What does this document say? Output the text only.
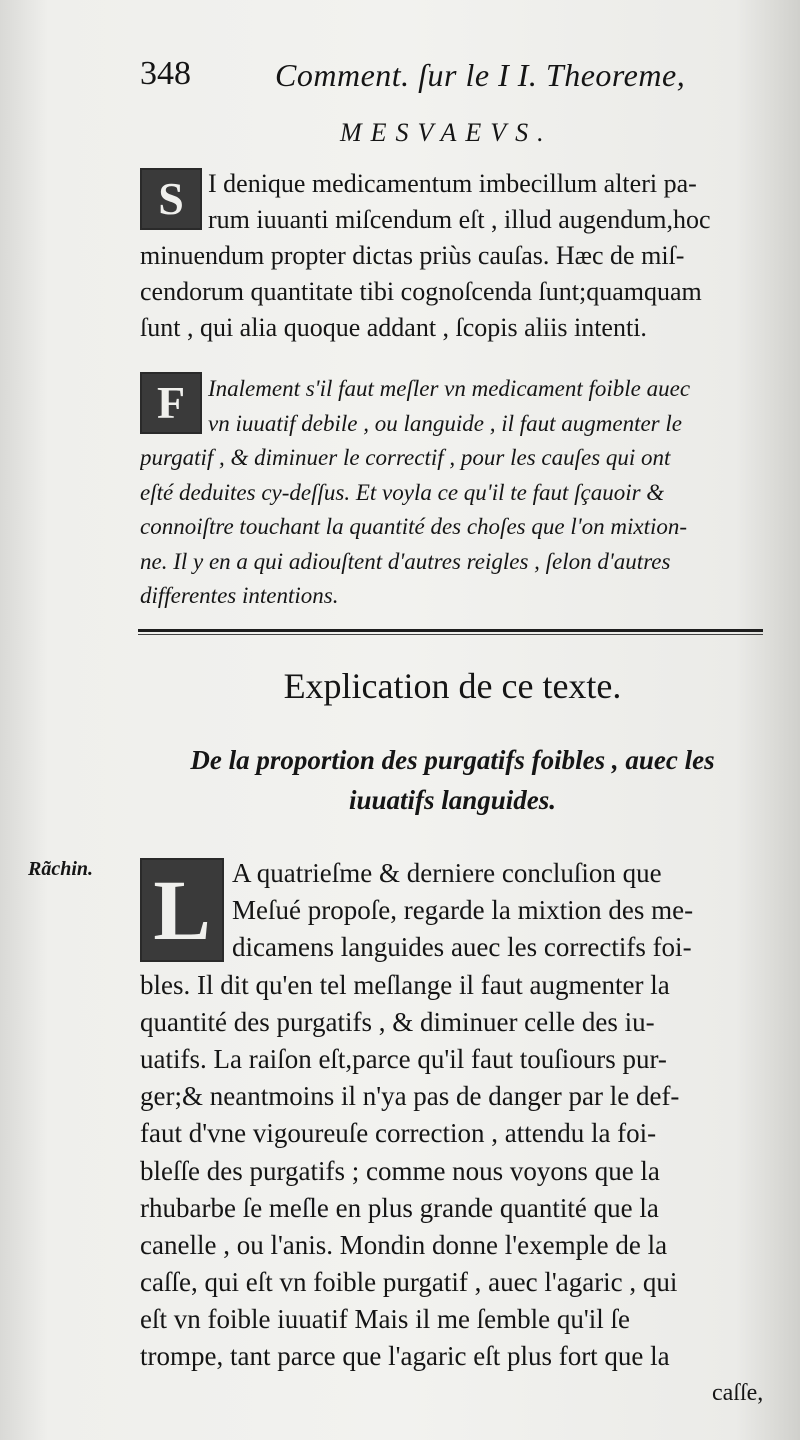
348	Comment. ſur le I I. Theoreme,
MESVAEVS.
S I denique medicamentum imbecillum alteri pa-
rum iuuanti miſcendum eſt , illud augendum,hoc
minuendum propter dictas priùs cauſas. Hæc de miſ-
cendorum quantitate tibi cognoſcenda ſunt;quamquam
ſunt , qui alia quoque addant , ſcopis aliis intenti.
F Inalement s'il faut meſler vn medicament foible auec
vn iuuatif debile , ou languide , il faut augmenter le
purgatif , & diminuer le correctif , pour les cauſes qui ont
eſté deduites cy-deſſus. Et voyla ce qu'il te faut ſçauoir &
connoiſtre touchant la quantité des choſes que l'on mixtion-
ne. Il y en a qui adiouſtent d'autres reigles , ſelon d'autres
differentes intentions.
Explication de ce texte.
De la proportion des purgatifs foibles , auec les
iuuatifs languides.
Rãchin. L A quatrieſme & derniere concluſion que
Meſué propoſe, regarde la mixtion des me-
dicamens languides auec les correctifs foi-
bles. Il dit qu'en tel meſlange il faut augmenter la
quantité des purgatifs , & diminuer celle des iu-
uatifs. La raiſon eſt,parce qu'il faut touſiours pur-
ger;& neantmoins il n'ya pas de danger par le def-
faut d'vne vigoureuſe correction , attendu la foi-
bleſſe des purgatifs ; comme nous voyons que la
rhubarbe ſe meſle en plus grande quantité que la
canelle , ou l'anis. Mondin donne l'exemple de la
caſſe, qui eſt vn foible purgatif , auec l'agaric , qui
eſt vn foible iuuatif Mais il me ſemble qu'il ſe
trompe, tant parce que l'agaric eſt plus fort que la
caſſe,
